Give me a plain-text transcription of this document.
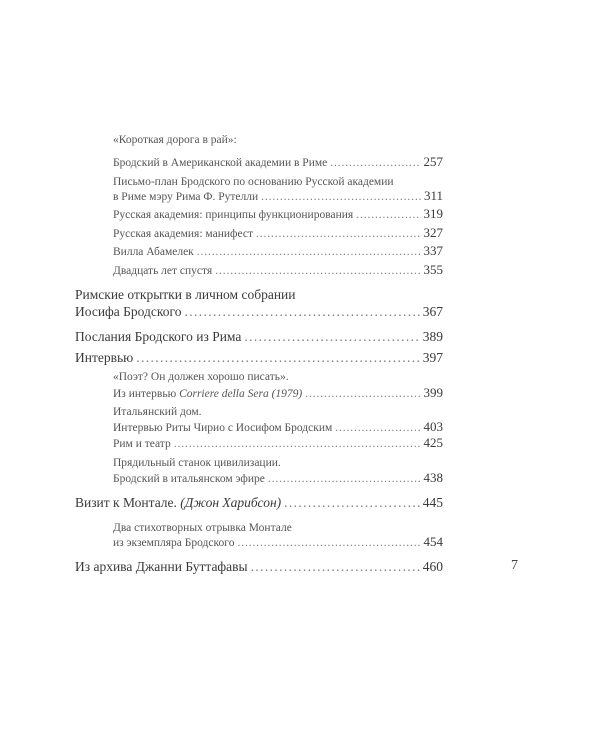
«Короткая дорога в рай»:
Бродский в Американской академии в Риме . . .	257
Письмо-план Бродского по основанию Русской академии
в Риме мэру Рима Ф. Рутелли . . .	311
Русская академия: принципы функционирования . . .	319
Русская академия: манифест . . .	327
Вилла Абамелек . . .	337
Двадцать лет спустя . . .	355
Римские открытки в личном собрании
Иосифа Бродского . . .	367
Послания Бродского из Рима . . .	389
Интервью . . .	397
«Поэт? Он должен хорошо писать».
Из интервью
Corriere della Sera (1979) . . .	399
Итальянский дом.
Интервью Риты Чирио с Иосифом Бродским . . .	403
Рим и театр . . .	425
Прядильный станок цивилизации.
Бродский в итальянском эфире . . .	438
Визит к Монтале.
(Джон Харибсон) . . .	445
Два стихотворных отрывка Монтале
из экземпляра Бродского . . .	454
Из архива Джанни Буттафавы . . .	460	7
